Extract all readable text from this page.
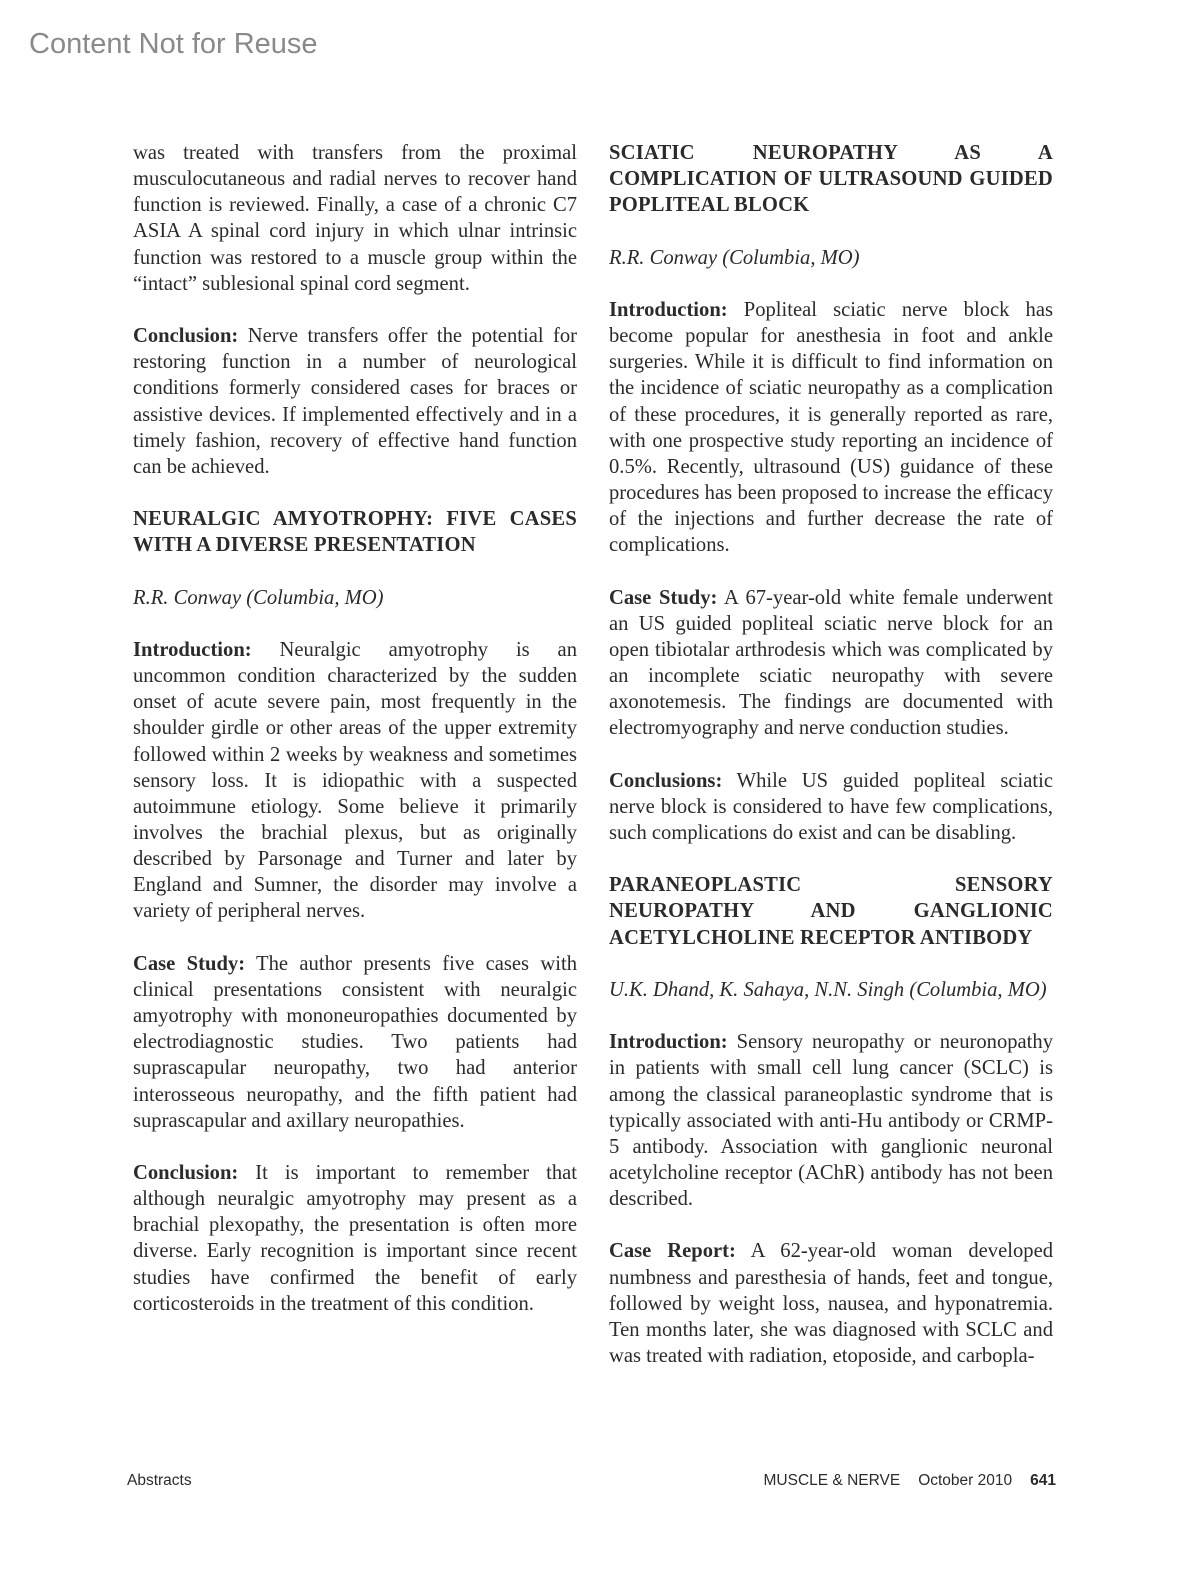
Content Not for Reuse

was treated with transfers from the proximal musculocutaneous and radial nerves to recover hand function is reviewed. Finally, a case of a chronic C7 ASIA A spinal cord injury in which ulnar intrinsic function was restored to a muscle group within the “intact” sublesional spinal cord segment.

Conclusion: Nerve transfers offer the potential for restoring function in a number of neurological conditions formerly considered cases for braces or assistive devices. If implemented effectively and in a timely fashion, recovery of effective hand function can be achieved.

NEURALGIC AMYOTROPHY: FIVE CASES WITH A DIVERSE PRESENTATION

R.R. Conway (Columbia, MO)

Introduction: Neuralgic amyotrophy is an uncommon condition characterized by the sudden onset of acute severe pain, most frequently in the shoulder girdle or other areas of the upper extremity followed within 2 weeks by weakness and sometimes sensory loss. It is idiopathic with a suspected autoimmune etiology. Some believe it primarily involves the brachial plexus, but as originally described by Parsonage and Turner and later by England and Sumner, the disorder may involve a variety of peripheral nerves.

Case Study: The author presents five cases with clinical presentations consistent with neuralgic amyotrophy with mononeuropathies documented by electrodiagnostic studies. Two patients had suprascapular neuropathy, two had anterior interosseous neuropathy, and the fifth patient had suprascapular and axillary neuropathies.

Conclusion: It is important to remember that although neuralgic amyotrophy may present as a brachial plexopathy, the presentation is often more diverse. Early recognition is important since recent studies have confirmed the benefit of early corticosteroids in the treatment of this condition.

SCIATIC NEUROPATHY AS A COMPLICATION OF ULTRASOUND GUIDED POPLITEAL BLOCK

R.R. Conway (Columbia, MO)

Introduction: Popliteal sciatic nerve block has become popular for anesthesia in foot and ankle surgeries. While it is difficult to find information on the incidence of sciatic neuropathy as a complication of these procedures, it is generally reported as rare, with one prospective study reporting an incidence of 0.5%. Recently, ultrasound (US) guidance of these procedures has been proposed to increase the efficacy of the injections and further decrease the rate of complications.

Case Study: A 67-year-old white female underwent an US guided popliteal sciatic nerve block for an open tibiotalar arthrodesis which was complicated by an incomplete sciatic neuropathy with severe axonotemesis. The findings are documented with electromyography and nerve conduction studies.

Conclusions: While US guided popliteal sciatic nerve block is considered to have few complications, such complications do exist and can be disabling.

PARANEOPLASTIC SENSORY NEUROPATHY AND GANGLIONIC ACETYLCHOLINE RECEPTOR ANTIBODY

U.K. Dhand, K. Sahaya, N.N. Singh (Columbia, MO)

Introduction: Sensory neuropathy or neuronopathy in patients with small cell lung cancer (SCLC) is among the classical paraneoplastic syndrome that is typically associated with anti-Hu antibody or CRMP-5 antibody. Association with ganglionic neuronal acetylcholine receptor (AChR) antibody has not been described.

Case Report: A 62-year-old woman developed numbness and paresthesia of hands, feet and tongue, followed by weight loss, nausea, and hyponatremia. Ten months later, she was diagnosed with SCLC and was treated with radiation, etoposide, and carbopla-

Abstracts	MUSCLE & NERVE October 2010 641
